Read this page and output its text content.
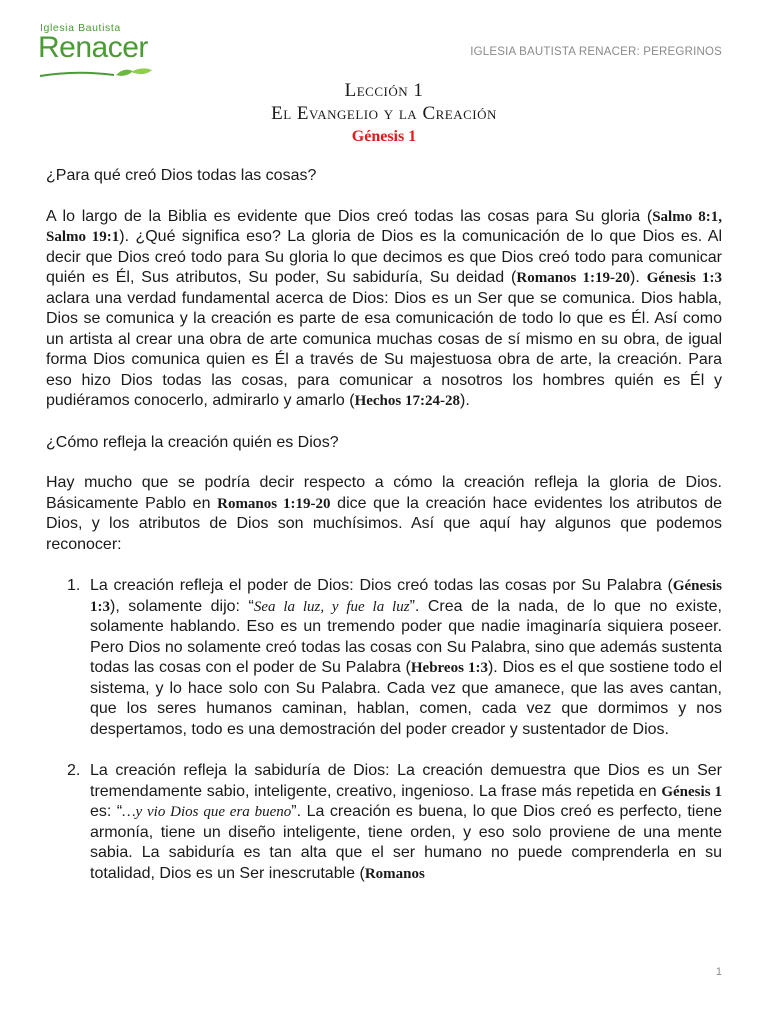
Iglesia Bautista
Renacer	IGLESIA BAUTISTA RENACER: PEREGRINOS
Lección 1
El Evangelio y la Creación
Génesis 1
¿Para qué creó Dios todas las cosas?
A lo largo de la Biblia es evidente que Dios creó todas las cosas para Su gloria (Salmo 8:1, Salmo 19:1). ¿Qué significa eso? La gloria de Dios es la comunicación de lo que Dios es. Al decir que Dios creó todo para Su gloria lo que decimos es que Dios creó todo para comunicar quién es Él, Sus atributos, Su poder, Su sabiduría, Su deidad (Romanos 1:19-20). Génesis 1:3 aclara una verdad fundamental acerca de Dios: Dios es un Ser que se comunica. Dios habla, Dios se comunica y la creación es parte de esa comunicación de todo lo que es Él. Así como un artista al crear una obra de arte comunica muchas cosas de sí mismo en su obra, de igual forma Dios comunica quien es Él a través de Su majestuosa obra de arte, la creación. Para eso hizo Dios todas las cosas, para comunicar a nosotros los hombres quién es Él y pudiéramos conocerlo, admirarlo y amarlo (Hechos 17:24-28).
¿Cómo refleja la creación quién es Dios?
Hay mucho que se podría decir respecto a cómo la creación refleja la gloria de Dios. Básicamente Pablo en Romanos 1:19-20 dice que la creación hace evidentes los atributos de Dios, y los atributos de Dios son muchísimos. Así que aquí hay algunos que podemos reconocer:
1. La creación refleja el poder de Dios: Dios creó todas las cosas por Su Palabra (Génesis 1:3), solamente dijo: “Sea la luz, y fue la luz”. Crea de la nada, de lo que no existe, solamente hablando. Eso es un tremendo poder que nadie imaginaría siquiera poseer. Pero Dios no solamente creó todas las cosas con Su Palabra, sino que además sustenta todas las cosas con el poder de Su Palabra (Hebreos 1:3). Dios es el que sostiene todo el sistema, y lo hace solo con Su Palabra. Cada vez que amanece, que las aves cantan, que los seres humanos caminan, hablan, comen, cada vez que dormimos y nos despertamos, todo es una demostración del poder creador y sustentador de Dios.
2. La creación refleja la sabiduría de Dios: La creación demuestra que Dios es un Ser tremendamente sabio, inteligente, creativo, ingenioso. La frase más repetida en Génesis 1 es: “…y vio Dios que era bueno”. La creación es buena, lo que Dios creó es perfecto, tiene armonía, tiene un diseño inteligente, tiene orden, y eso solo proviene de una mente sabia. La sabiduría es tan alta que el ser humano no puede comprenderla en su totalidad, Dios es un Ser inescrutable (Romanos
1
